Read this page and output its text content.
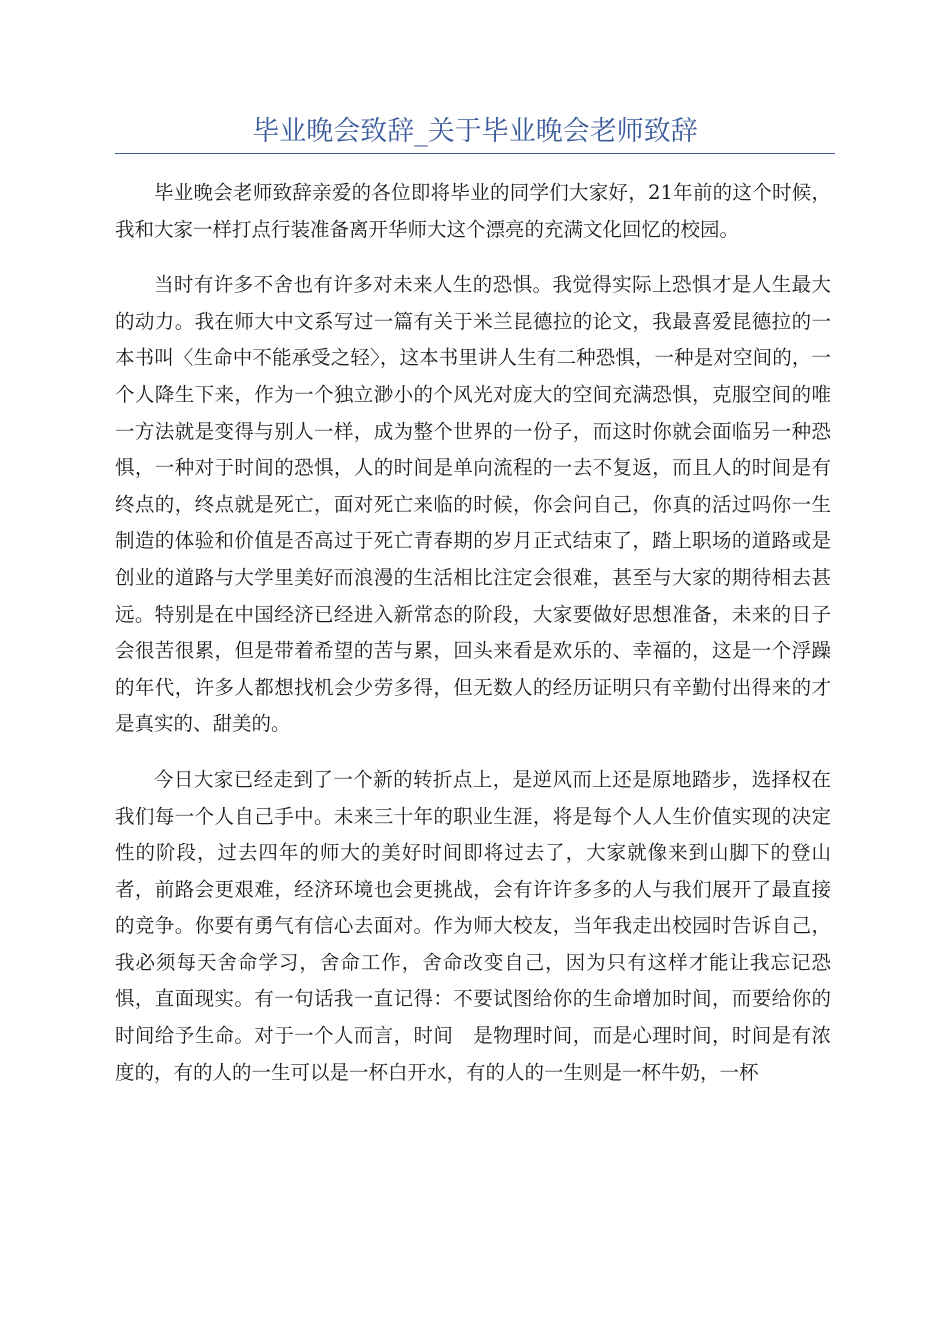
毕业晚会致辞_关于毕业晚会老师致辞

毕业晚会老师致辞亲爱的各位即将毕业的同学们大家好，21年前的这个时候，我和大家一样打点行装准备离开华师大这个漂亮的充满文化回忆的校园。

当时有许多不舍也有许多对未来人生的恐惧。我觉得实际上恐惧才是人生最大的动力。我在师大中文系写过一篇有关于米兰昆德拉的论文，我最喜爱昆德拉的一本书叫〈生命中不能承受之轻〉，这本书里讲人生有二种恐惧，一种是对空间的，一个人降生下来，作为一个独立渺小的个风光对庞大的空间充满恐惧，克服空间的唯一方法就是变得与别人一样，成为整个世界的一份子，而这时你就会面临另一种恐惧，一种对于时间的恐惧，人的时间是单向流程的一去不复返，而且人的时间是有终点的，终点就是死亡，面对死亡来临的时候，你会问自己，你真的活过吗你一生制造的体验和价值是否高过于死亡青春期的岁月正式结束了，踏上职场的道路或是创业的道路与大学里美好而浪漫的生活相比注定会很难，甚至与大家的期待相去甚远。特别是在中国经济已经进入新常态的阶段，大家要做好思想准备，未来的日子会很苦很累，但是带着希望的苦与累，回头来看是欢乐的、幸福的，这是一个浮躁的年代，许多人都想找机会少劳多得，但无数人的经历证明只有辛勤付出得来的才是真实的、甜美的。

今日大家已经走到了一个新的转折点上，是逆风而上还是原地踏步，选择权在我们每一个人自己手中。未来三十年的职业生涯，将是每个人人生价值实现的决定性的阶段，过去四年的师大的美好时间即将过去了，大家就像来到山脚下的登山者，前路会更艰难，经济环境也会更挑战，会有许许多多的人与我们展开了最直接的竞争。你要有勇气有信心去面对。作为师大校友，当年我走出校园时告诉自己，我必须每天舍命学习，舍命工作，舍命改变自己，因为只有这样才能让我忘记恐惧，直面现实。有一句话我一直记得：不要试图给你的生命增加时间，而要给你的时间给予生命。对于一个人而言，时间　是物理时间，而是心理时间，时间是有浓度的，有的人的一生可以是一杯白开水，有的人的一生则是一杯牛奶，一杯
